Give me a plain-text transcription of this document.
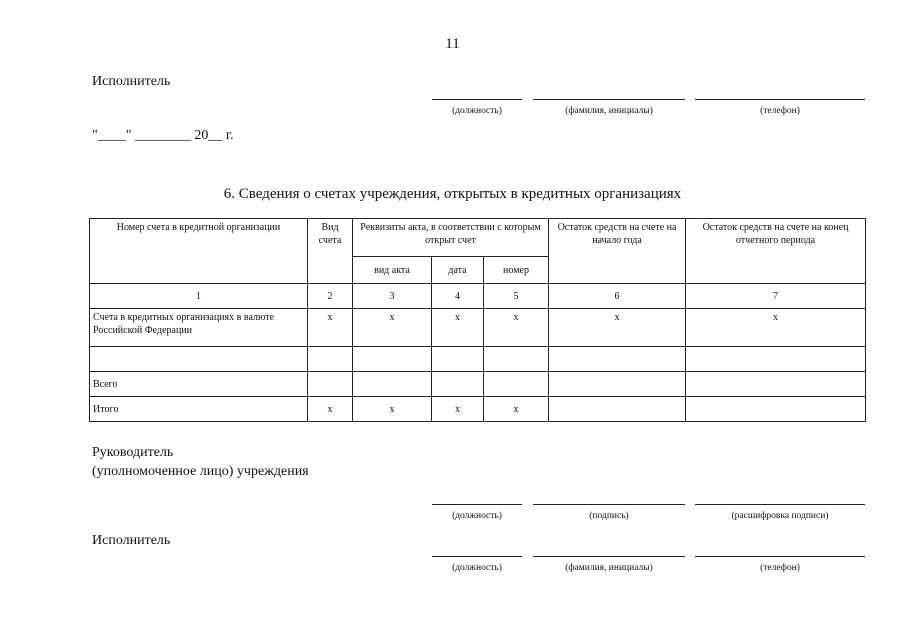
11
Исполнитель
(должность)	(фамилия, инициалы)	(телефон)
"____" ________ 20__ г.
6. Сведения о счетах учреждения, открытых в кредитных организациях
Номер счета в кредитной организации	Вид счета	Реквизиты акта, в соответствии с которым открыт счет			Остаток средств на счете на начало года	Остаток средств на счете на конец отчетного периода
		вид акта	дата	номер		
1	2	3	4	5	6	7
Счета в кредитных организациях в валюте Российской Федерации	x	x	x	x	x	x

Всего						
Итого	x	x	x	x		
Руководитель
(уполномоченное лицо) учреждения
(должность)	(подпись)	(расшифровка подписи)
Исполнитель
(должность)	(фамилия, инициалы)	(телефон)
